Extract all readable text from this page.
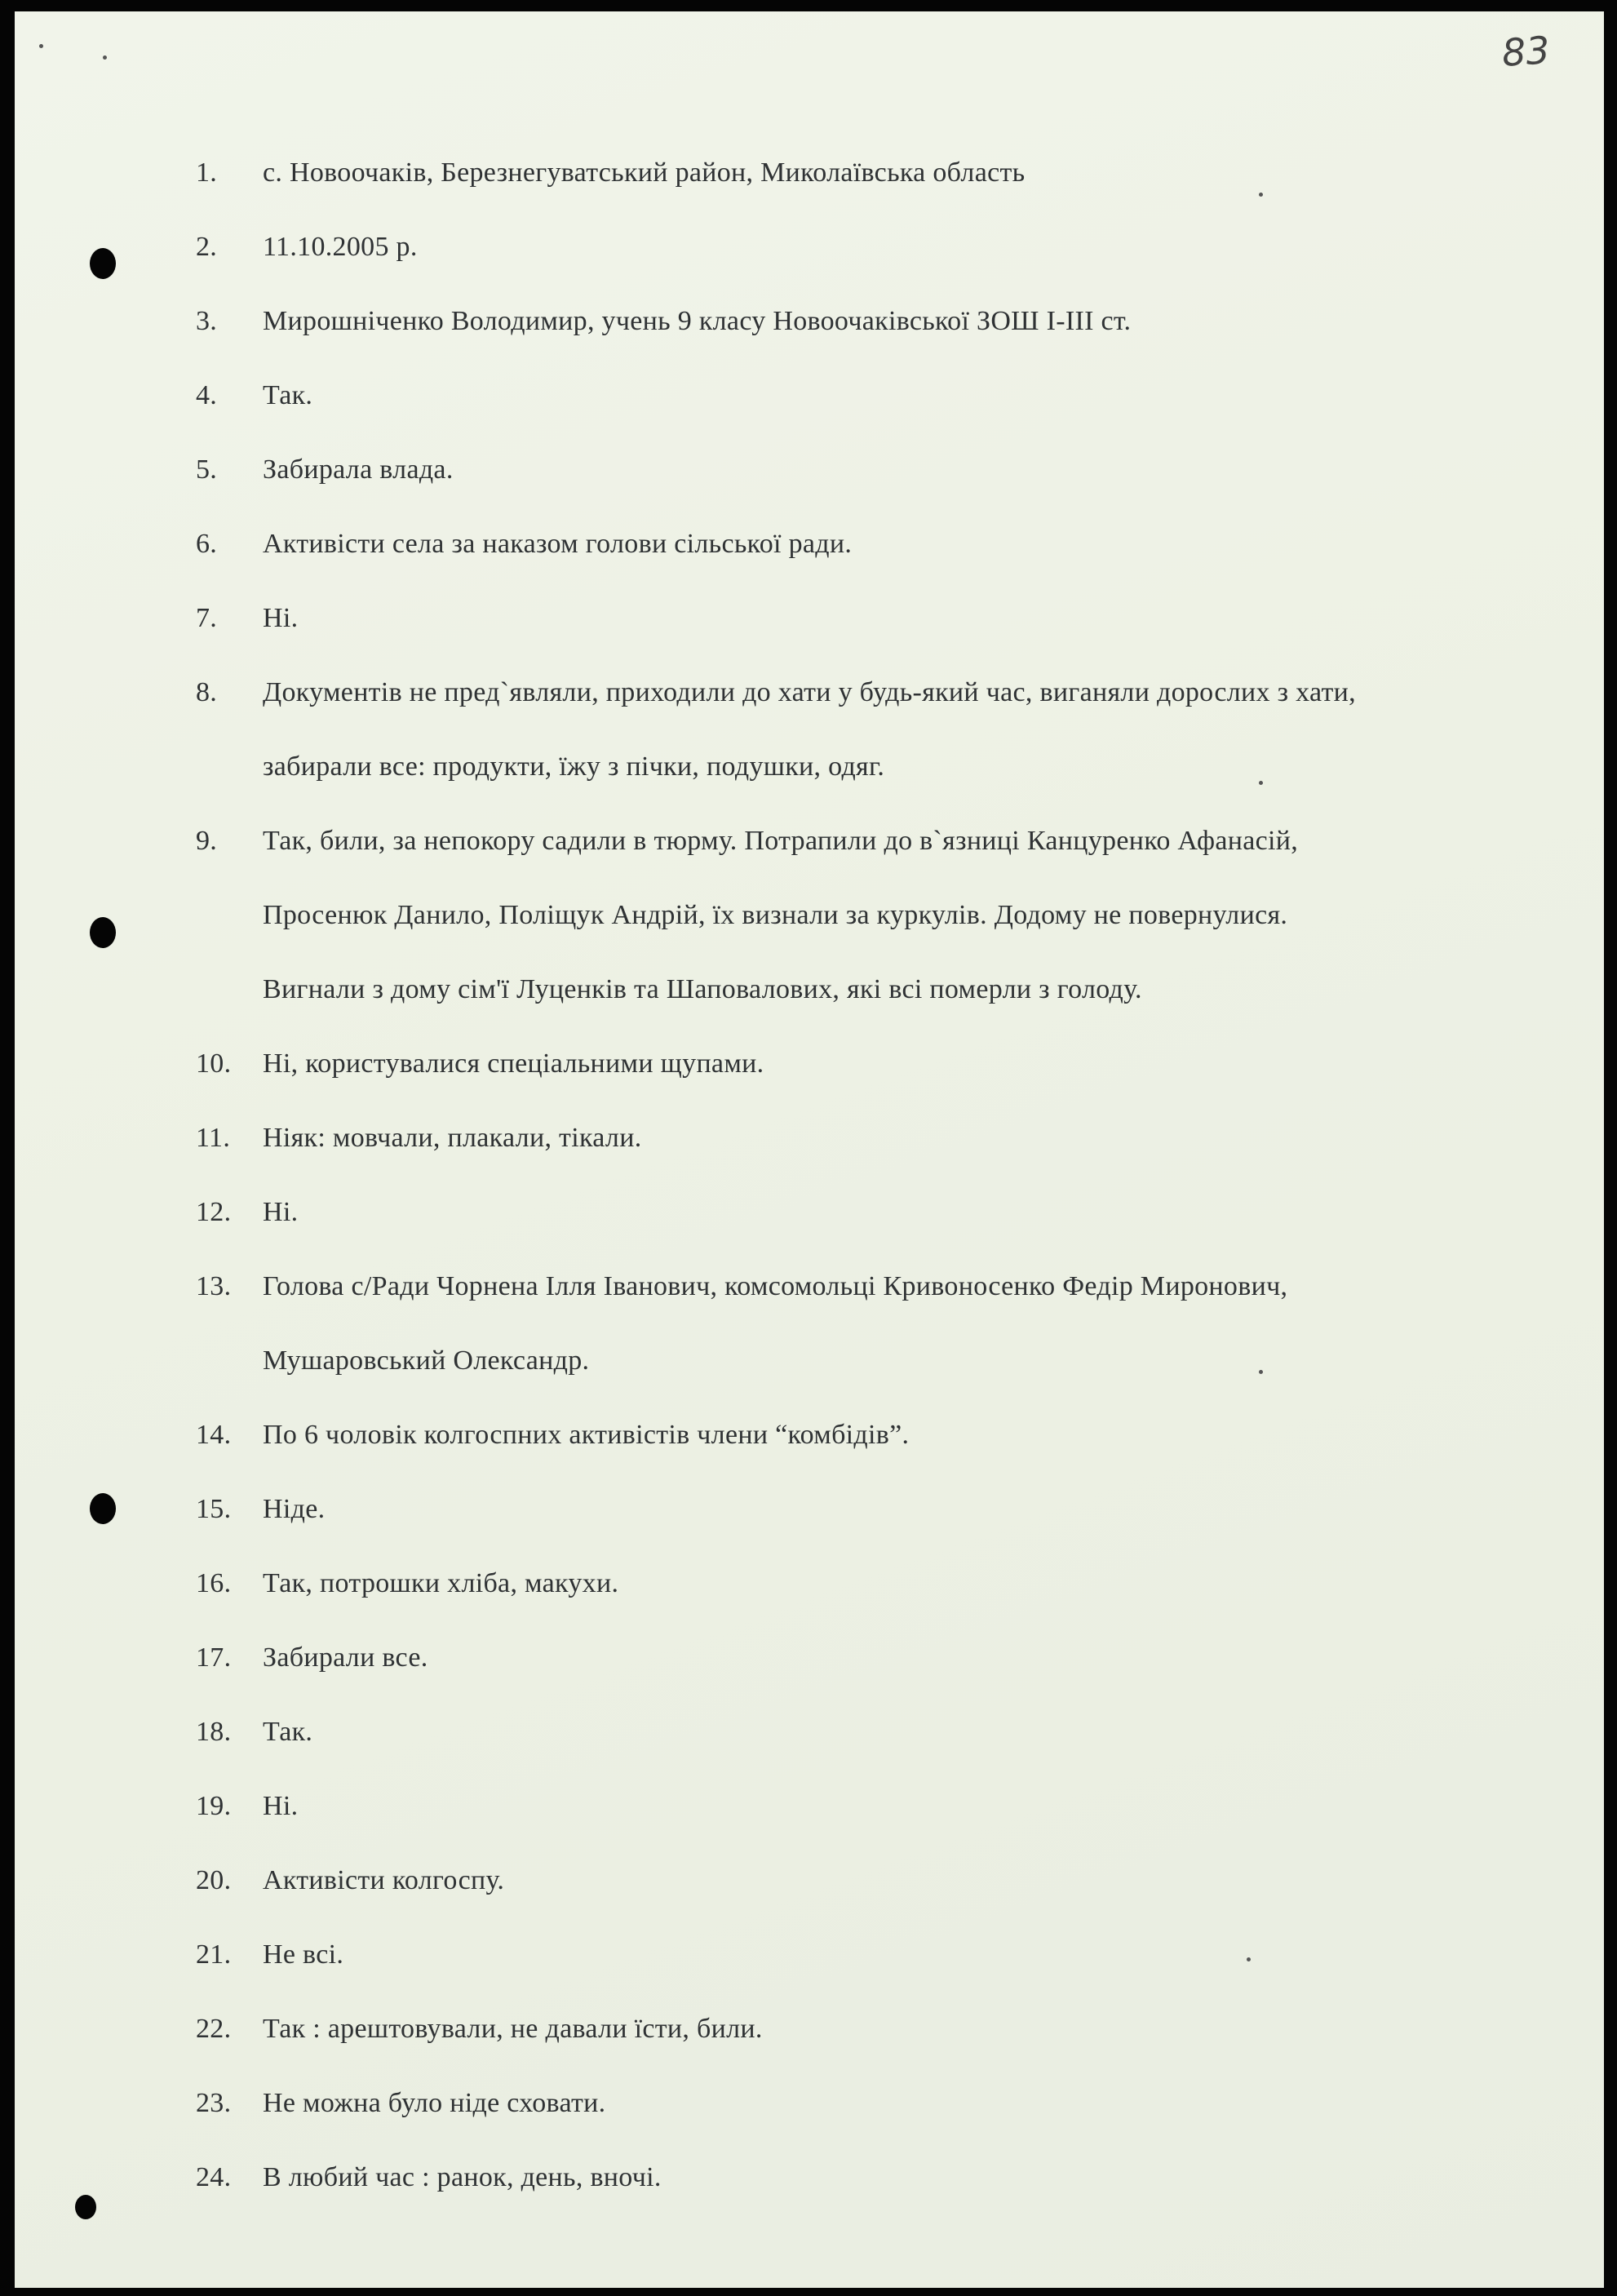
83
1.	с. Новоочаків, Березнегуватський район, Миколаївська область
2.	11.10.2005 р.
3.	Мирошніченко Володимир, учень 9 класу Новоочаківської ЗОШ І-ІІІ ст.
4.	Так.
5.	Забирала влада.
6.	Активісти села за наказом голови сільської ради.
7.	Ні.
8.	Документів не пред`являли, приходили до хати у будь-який час, виганяли дорослих з хати,
забирали все: продукти, їжу з пічки, подушки, одяг.
9.	Так, били, за непокору садили в тюрму. Потрапили до в`язниці Канцуренко Афанасій,
Просенюк Данило, Поліщук Андрій, їх визнали за куркулів. Додому не повернулися.
Вигнали з дому сім'ї Луценків та Шаповалових, які всі померли з голоду.
10.	Ні, користувалися спеціальними щупами.
11.	Ніяк: мовчали, плакали, тікали.
12.	Ні.
13.	Голова с/Ради Чорнена Ілля Іванович, комсомольці Кривоносенко Федір Миронович,
Мушаровський Олександр.
14.	По 6 чоловік колгоспних активістів члени “комбідів”.
15.	Ніде.
16.	Так, потрошки хліба, макухи.
17.	Забирали все.
18.	Так.
19.	Ні.
20.	Активісти колгоспу.
21.	Не всі.
22.	Так : арештовували, не давали їсти, били.
23.	Не можна було ніде сховати.
24.	В любий час : ранок, день, вночі.
